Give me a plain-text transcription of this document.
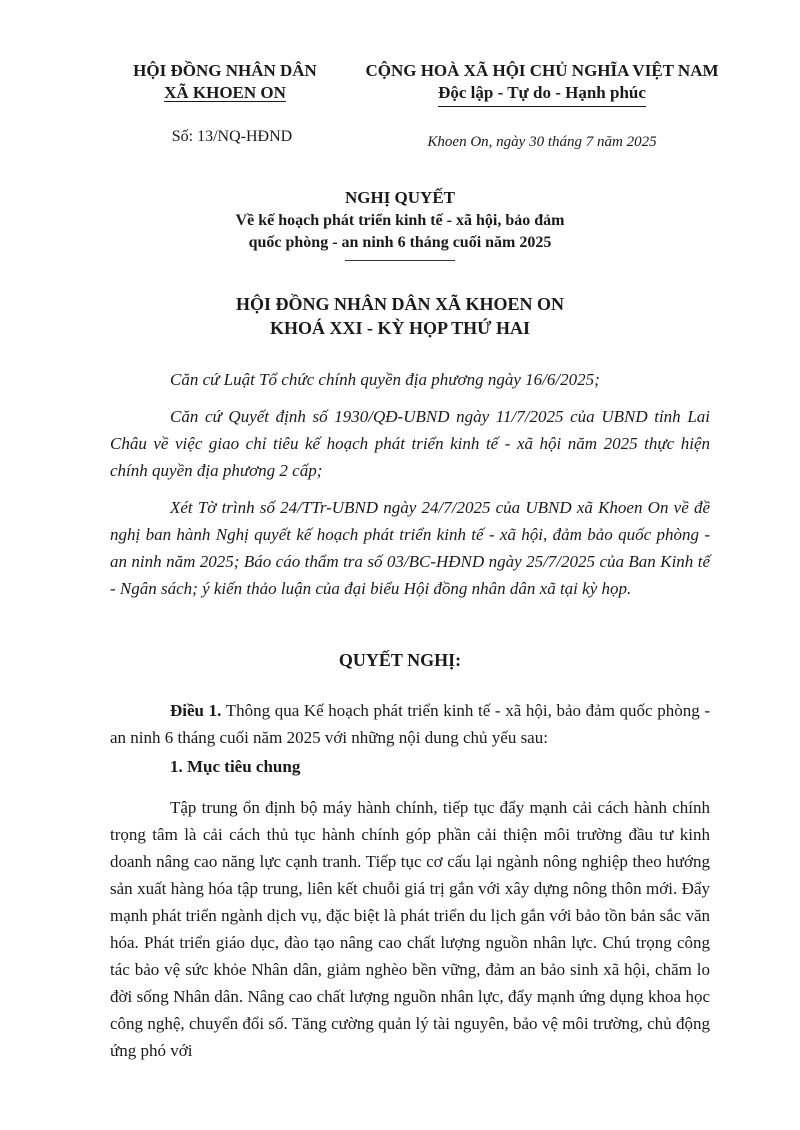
HỘI ĐỒNG NHÂN DÂN
XÃ KHOEN ON
CỘNG HOÀ XÃ HỘI CHỦ NGHĨA VIỆT NAM
Độc lập - Tự do - Hạnh phúc
Số: 13/NQ-HĐND	Khoen On, ngày 30 tháng 7 năm 2025
NGHỊ QUYẾT
Về kế hoạch phát triển kinh tế - xã hội, bảo đảm
quốc phòng - an ninh 6 tháng cuối năm 2025
HỘI ĐỒNG NHÂN DÂN XÃ KHOEN ON
KHOÁ XXI - KỲ HỌP THỨ HAI

Căn cứ Luật Tổ chức chính quyền địa phương ngày 16/6/2025;

Căn cứ Quyết định số 1930/QĐ-UBND ngày 11/7/2025 của UBND tỉnh Lai Châu về việc giao chỉ tiêu kế hoạch phát triển kinh tế - xã hội năm 2025 thực hiện chính quyền địa phương 2 cấp;

Xét Tờ trình số 24/TTr-UBND ngày 24/7/2025 của UBND xã Khoen On về đề nghị ban hành Nghị quyết kế hoạch phát triển kinh tế - xã hội, đảm bảo quốc phòng - an ninh năm 2025; Báo cáo thẩm tra số 03/BC-HĐND ngày 25/7/2025 của Ban Kinh tế - Ngân sách; ý kiến thảo luận của đại biểu Hội đồng nhân dân xã tại kỳ họp.

QUYẾT NGHỊ:

Điều 1. Thông qua Kế hoạch phát triển kinh tế - xã hội, bảo đảm quốc phòng - an ninh 6 tháng cuối năm 2025 với những nội dung chủ yếu sau:

1. Mục tiêu chung

Tập trung ổn định bộ máy hành chính, tiếp tục đẩy mạnh cải cách hành chính trọng tâm là cải cách thủ tục hành chính góp phần cải thiện môi trường đầu tư kinh doanh nâng cao năng lực cạnh tranh. Tiếp tục cơ cấu lại ngành nông nghiệp theo hướng sản xuất hàng hóa tập trung, liên kết chuỗi giá trị gắn với xây dựng nông thôn mới. Đẩy mạnh phát triển ngành dịch vụ, đặc biệt là phát triển du lịch gắn với bảo tồn bản sắc văn hóa. Phát triển giáo dục, đào tạo nâng cao chất lượng nguồn nhân lực. Chú trọng công tác bảo vệ sức khỏe Nhân dân, giảm nghèo bền vững, đảm an bảo sinh xã hội, chăm lo đời sống Nhân dân. Nâng cao chất lượng nguồn nhân lực, đẩy mạnh ứng dụng khoa học công nghệ, chuyển đổi số. Tăng cường quản lý tài nguyên, bảo vệ môi trường, chủ động ứng phó với
